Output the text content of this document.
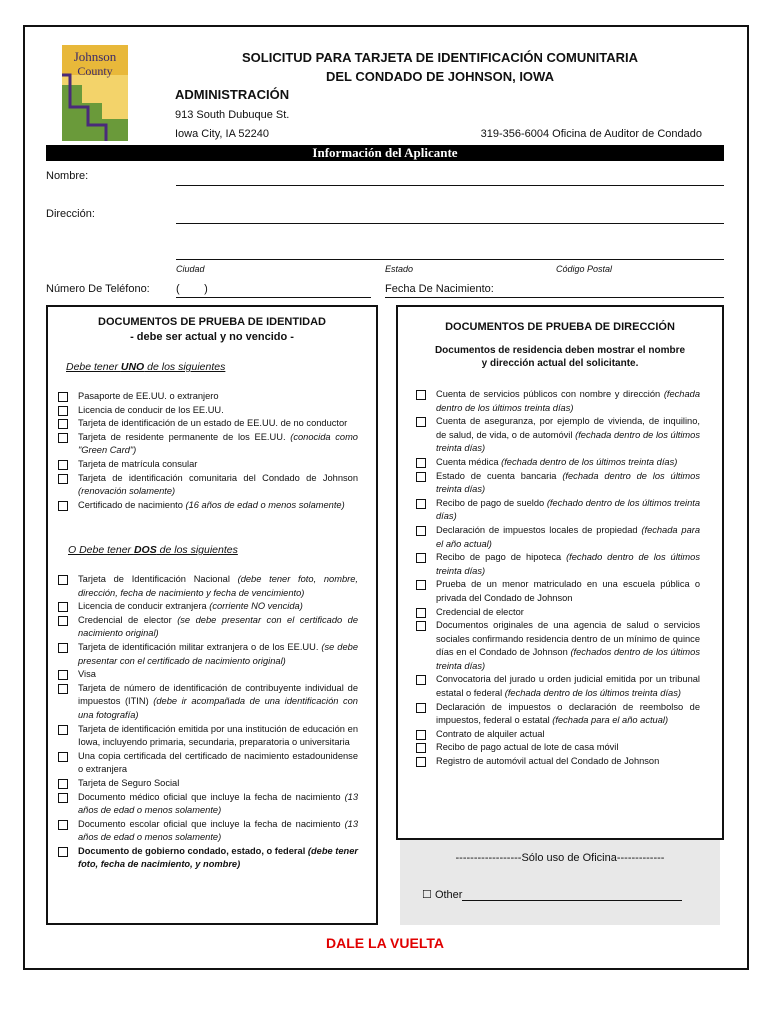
Johnson
County
SOLICITUD PARA TARJETA DE IDENTIFICACIÓN COMUNITARIA
DEL CONDADO DE JOHNSON, IOWA
ADMINISTRACIÓN
913 South Dubuque St.
Iowa City, IA 52240	319-356-6004 Oficina de Auditor de Condado
Información del Aplicante
Nombre:
Dirección:
Ciudad	Estado	Código Postal
Número De Teléfono: (        )	Fecha De Nacimiento:
DOCUMENTOS DE PRUEBA DE IDENTIDAD
- debe ser actual y no vencido -
Debe tener UNO de los siguientes
Pasaporte de EE.UU. o extranjero
Licencia de conducir de los EE.UU.
Tarjeta de identificación de un estado de EE.UU. de no conductor
Tarjeta de residente permanente de los EE.UU. (conocida como "Green Card")
Tarjeta de matrícula consular
Tarjeta de identificación comunitaria del Condado de Johnson (renovación solamente)
Certificado de nacimiento (16 años de edad o menos solamente)
O Debe tener DOS de los siguientes
Tarjeta de Identificación Nacional (debe tener foto, nombre, dirección, fecha de nacimiento y fecha de vencimiento)
Licencia de conducir extranjera (corriente NO vencida)
Credencial de elector (se debe presentar con el certificado de nacimiento original)
Tarjeta de identificación militar extranjera o de los EE.UU. (se debe presentar con el certificado de nacimiento original)
Visa
Tarjeta de número de identificación de contribuyente individual de impuestos (ITIN) (debe ir acompañada de una identificación con una fotografía)
Tarjeta de identificación emitida por una institución de educación en Iowa, incluyendo primaria, secundaria, preparatoria o universitaria
Una copia certificada del certificado de nacimiento estadounidense o extranjera
Tarjeta de Seguro Social
Documento médico oficial que incluye la fecha de nacimiento (13 años de edad o menos solamente)
Documento escolar oficial que incluye la fecha de nacimiento (13 años de edad o menos solamente)
Documento de gobierno condado, estado, o federal (debe tener foto, fecha de nacimiento, y nombre)
DOCUMENTOS DE PRUEBA DE DIRECCIÓN
Documentos de residencia deben mostrar el nombre
y dirección actual del solicitante.
Cuenta de servicios públicos con nombre y dirección (fechada dentro de los últimos treinta días)
Cuenta de aseguranza, por ejemplo de vivienda, de inquilino, de salud, de vida, o de automóvil (fechada dentro de los últimos treinta días)
Cuenta médica (fechada dentro de los últimos treinta días)
Estado de cuenta bancaria (fechada dentro de los últimos treinta días)
Recibo de pago de sueldo (fechado dentro de los últimos treinta días)
Declaración de impuestos locales de propiedad (fechada para el año actual)
Recibo de pago de hipoteca (fechado dentro de los últimos treinta días)
Prueba de un menor matriculado en una escuela pública o privada del Condado de Johnson
Credencial de elector
Documentos originales de una agencia de salud o servicios sociales confirmando residencia dentro de un mínimo de quince días en el Condado de Johnson (fechados dentro de los últimos treinta días)
Convocatoria del jurado u orden judicial emitida por un tribunal estatal o federal (fechada dentro de los últimos treinta días)
Declaración de impuestos o declaración de reembolso de impuestos, federal o estatal (fechada para el año actual)
Contrato de alquiler actual
Recibo de pago actual de lote de casa móvil
Registro de automóvil actual del Condado de Johnson
------------------Sólo uso de Oficina-------------
☐ Other
DALE LA VUELTA
